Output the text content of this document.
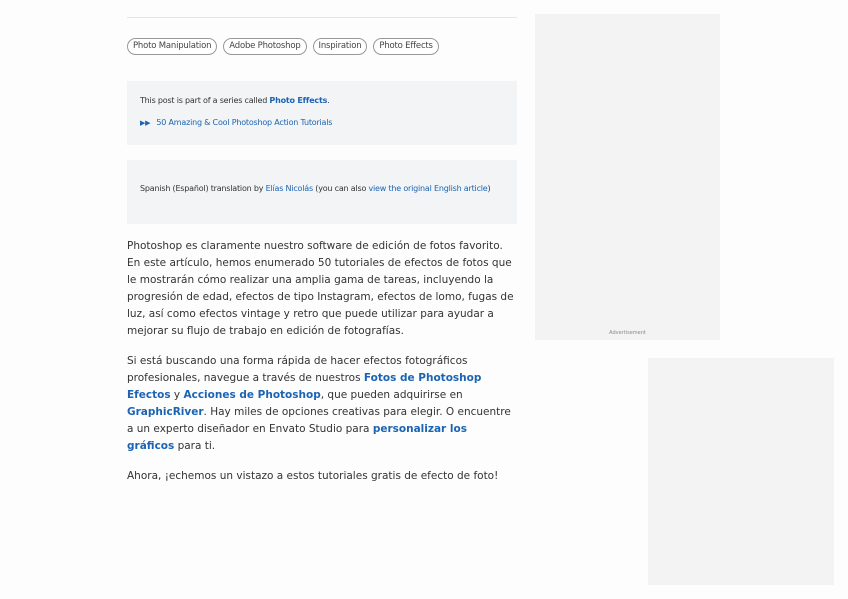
Photo Manipulation	Adobe Photoshop	Inspiration	Photo Effects
This post is part of a series called Photo Effects.
▶▶ 50 Amazing & Cool Photoshop Action Tutorials
Spanish (Español) translation by Elías Nicolás (you can also view the original English article)

Photoshop es claramente nuestro software de edición de fotos favorito. En este artículo, hemos enumerado 50 tutoriales de efectos de fotos que le mostrarán cómo realizar una amplia gama de tareas, incluyendo la progresión de edad, efectos de tipo Instagram, efectos de lomo, fugas de luz, así como efectos vintage y retro que puede utilizar para ayudar a mejorar su flujo de trabajo en edición de fotografías.

Si está buscando una forma rápida de hacer efectos fotográficos profesionales, navegue a través de nuestros Fotos de Photoshop Efectos y Acciones de Photoshop, que pueden adquirirse en GraphicRiver. Hay miles de opciones creativas para elegir. O encuentre a un experto diseñador en Envato Studio para personalizar los gráficos para ti.

Ahora, ¡echemos un vistazo a estos tutoriales gratis de efecto de foto!

Advertisement
